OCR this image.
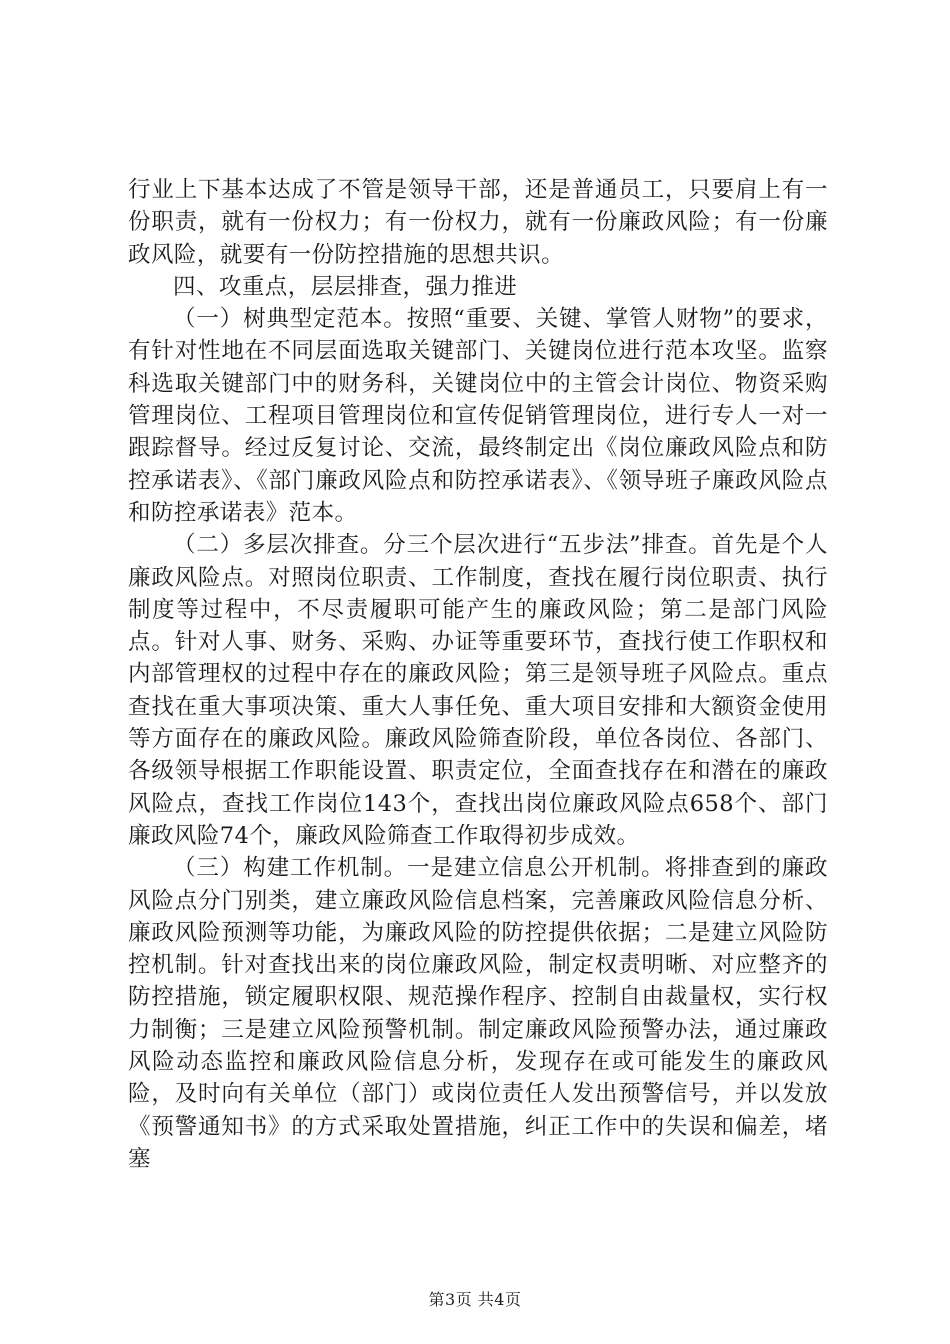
行业上下基本达成了不管是领导干部，还是普通员工，只要肩上有一份职责，就有一份权力；有一份权力，就有一份廉政风险；有一份廉政风险，就要有一份防控措施的思想共识。

四、攻重点，层层排查，强力推进

（一）树典型定范本。按照“重要、关键、掌管人财物”的要求，有针对性地在不同层面选取关键部门、关键岗位进行范本攻坚。监察科选取关键部门中的财务科，关键岗位中的主管会计岗位、物资采购管理岗位、工程项目管理岗位和宣传促销管理岗位，进行专人一对一跟踪督导。经过反复讨论、交流，最终制定出《岗位廉政风险点和防控承诺表》、《部门廉政风险点和防控承诺表》、《领导班子廉政风险点和防控承诺表》范本。

（二）多层次排查。分三个层次进行“五步法”排查。首先是个人廉政风险点。对照岗位职责、工作制度，查找在履行岗位职责、执行制度等过程中，不尽责履职可能产生的廉政风险；第二是部门风险点。针对人事、财务、采购、办证等重要环节，查找行使工作职权和内部管理权的过程中存在的廉政风险；第三是领导班子风险点。重点查找在重大事项决策、重大人事任免、重大项目安排和大额资金使用等方面存在的廉政风险。廉政风险筛查阶段，单位各岗位、各部门、各级领导根据工作职能设置、职责定位，全面查找存在和潜在的廉政风险点，查找工作岗位143个，查找出岗位廉政风险点658个、部门廉政风险74个，廉政风险筛查工作取得初步成效。

（三）构建工作机制。一是建立信息公开机制。将排查到的廉政风险点分门别类，建立廉政风险信息档案，完善廉政风险信息分析、廉政风险预测等功能，为廉政风险的防控提供依据；二是建立风险防控机制。针对查找出来的岗位廉政风险，制定权责明晰、对应整齐的防控措施，锁定履职权限、规范操作程序、控制自由裁量权，实行权力制衡；三是建立风险预警机制。制定廉政风险预警办法，通过廉政风险动态监控和廉政风险信息分析，发现存在或可能发生的廉政风险，及时向有关单位（部门）或岗位责任人发出预警信号，并以发放《预警通知书》的方式采取处置措施，纠正工作中的失误和偏差，堵塞

第3页 共4页
